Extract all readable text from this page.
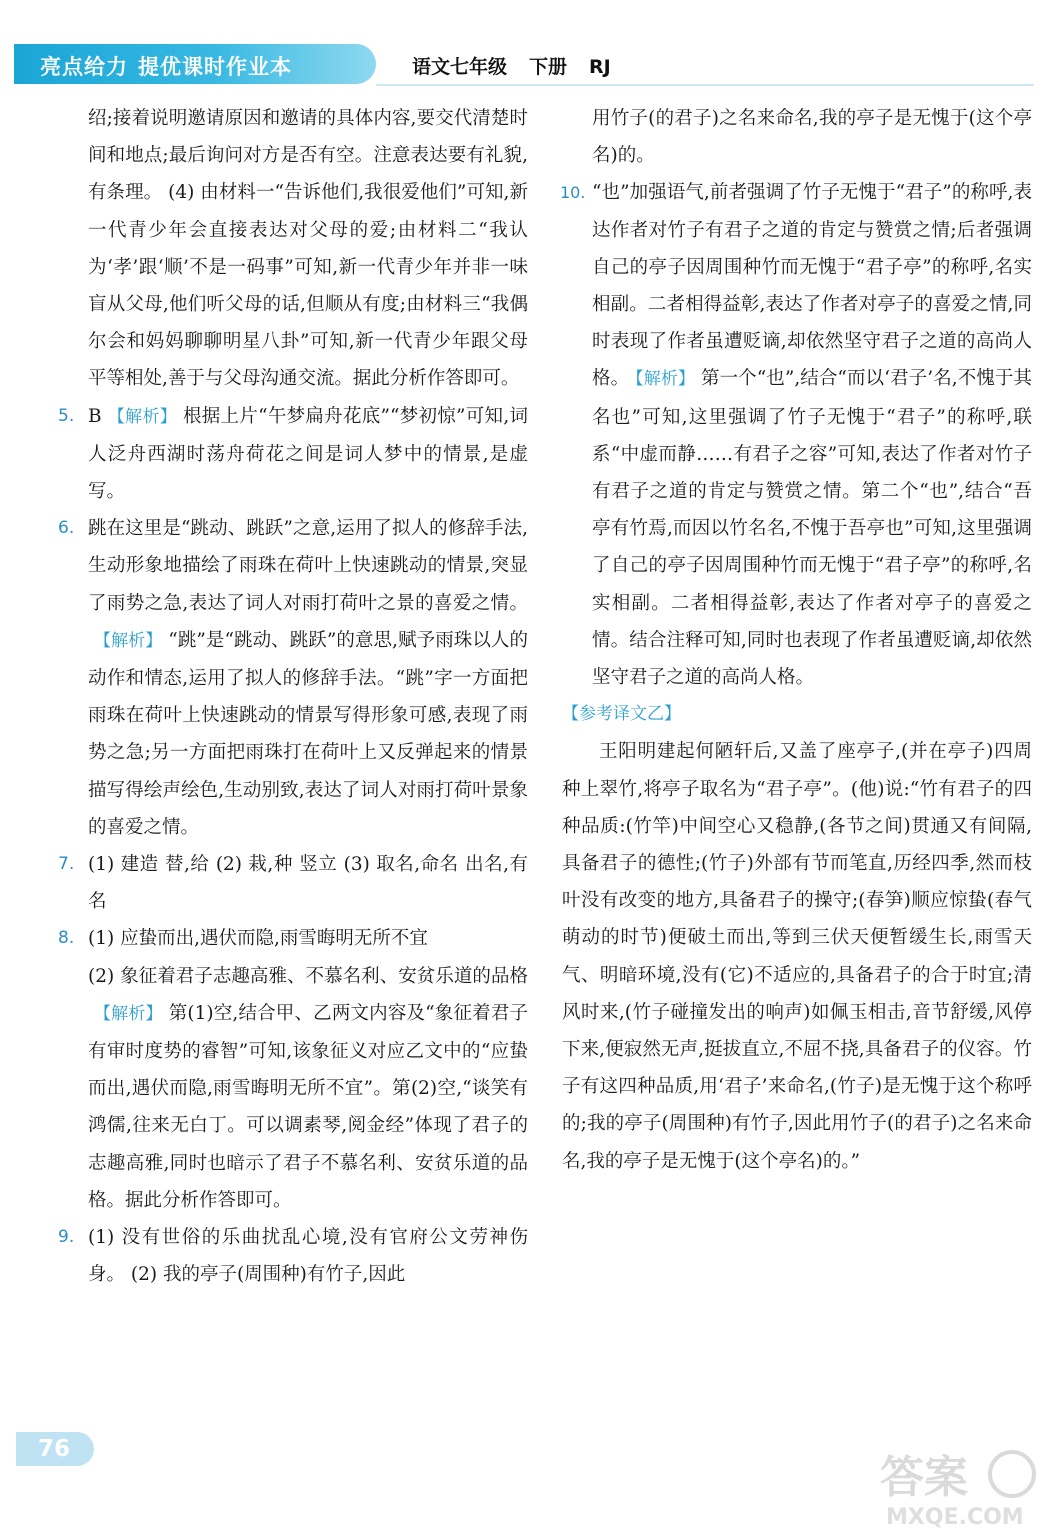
亮点给力 提优课时作业本	语文七年级 下册 RJ
绍;接着说明邀请原因和邀请的具体内容,要交代清楚时间和地点;最后询问对方是否有空。注意表达要有礼貌,有条理。 (4) 由材料一“告诉他们,我很爱他们”可知,新一代青少年会直接表达对父母的爱;由材料二“我认为‘孝’跟‘顺’不是一码事”可知,新一代青少年并非一味盲从父母,他们听父母的话,但顺从有度;由材料三“我偶尔会和妈妈聊聊明星八卦”可知,新一代青少年跟父母平等相处,善于与父母沟通交流。据此分析作答即可。
5. B 【解析】 根据上片“午梦扁舟花底”“梦初惊”可知,词人泛舟西湖时荡舟荷花之间是词人梦中的情景,是虚写。
6. 跳在这里是“跳动、跳跃”之意,运用了拟人的修辞手法,生动形象地描绘了雨珠在荷叶上快速跳动的情景,突显了雨势之急,表达了词人对雨打荷叶之景的喜爱之情。【解析】 “跳”是“跳动、跳跃”的意思,赋予雨珠以人的动作和情态,运用了拟人的修辞手法。“跳”字一方面把雨珠在荷叶上快速跳动的情景写得形象可感,表现了雨势之急;另一方面把雨珠打在荷叶上又反弹起来的情景描写得绘声绘色,生动别致,表达了词人对雨打荷叶景象的喜爱之情。
7. (1) 建造 替,给 (2) 栽,种 竖立 (3) 取名,命名 出名,有名
8. (1) 应蛰而出,遇伏而隐,雨雪晦明无所不宜
(2) 象征着君子志趣高雅、不慕名利、安贫乐道的品格【解析】 第(1)空,结合甲、乙两文内容及“象征着君子有审时度势的睿智”可知,该象征义对应乙文中的“应蛰而出,遇伏而隐,雨雪晦明无所不宜”。第(2)空,“谈笑有鸿儒,往来无白丁。可以调素琴,阅金经”体现了君子的志趣高雅,同时也暗示了君子不慕名利、安贫乐道的品格。据此分析作答即可。
9. (1) 没有世俗的乐曲扰乱心境,没有官府公文劳神伤身。 (2) 我的亭子(周围种)有竹子,因此
用竹子(的君子)之名来命名,我的亭子是无愧于(这个亭名)的。
10. “也”加强语气,前者强调了竹子无愧于“君子”的称呼,表达作者对竹子有君子之道的肯定与赞赏之情;后者强调自己的亭子因周围种竹而无愧于“君子亭”的称呼,名实相副。二者相得益彰,表达了作者对亭子的喜爱之情,同时表现了作者虽遭贬谪,却依然坚守君子之道的高尚人格。 【解析】 第一个“也”,结合“而以‘君子’名,不愧于其名也”可知,这里强调了竹子无愧于“君子”的称呼,联系“中虚而静……有君子之容”可知,表达了作者对竹子有君子之道的肯定与赞赏之情。第二个“也”,结合“吾亭有竹焉,而因以竹名名,不愧于吾亭也”可知,这里强调了自己的亭子因周围种竹而无愧于“君子亭”的称呼,名实相副。二者相得益彰,表达了作者对亭子的喜爱之情。结合注释可知,同时也表现了作者虽遭贬谪,却依然坚守君子之道的高尚人格。
【参考译文乙】
王阳明建起何陋轩后,又盖了座亭子,(并在亭子)四周种上翠竹,将亭子取名为“君子亭”。(他)说:“竹有君子的四种品质:(竹竿)中间空心又稳静,(各节之间)贯通又有间隔,具备君子的德性;(竹子)外部有节而笔直,历经四季,然而枝叶没有改变的地方,具备君子的操守;(春笋)顺应惊蛰(春气萌动的时节)便破土而出,等到三伏天便暂缓生长,雨雪天气、明暗环境,没有(它)不适应的,具备君子的合于时宜;清风时来,(竹子碰撞发出的响声)如佩玉相击,音节舒缓,风停下来,便寂然无声,挺拔直立,不屈不挠,具备君子的仪容。竹子有这四种品质,用‘君子’来命名,(竹子)是无愧于这个称呼的;我的亭子(周围种)有竹子,因此用竹子(的君子)之名来命名,我的亭子是无愧于(这个亭名)的。”
76
答案
MXQE.COM
